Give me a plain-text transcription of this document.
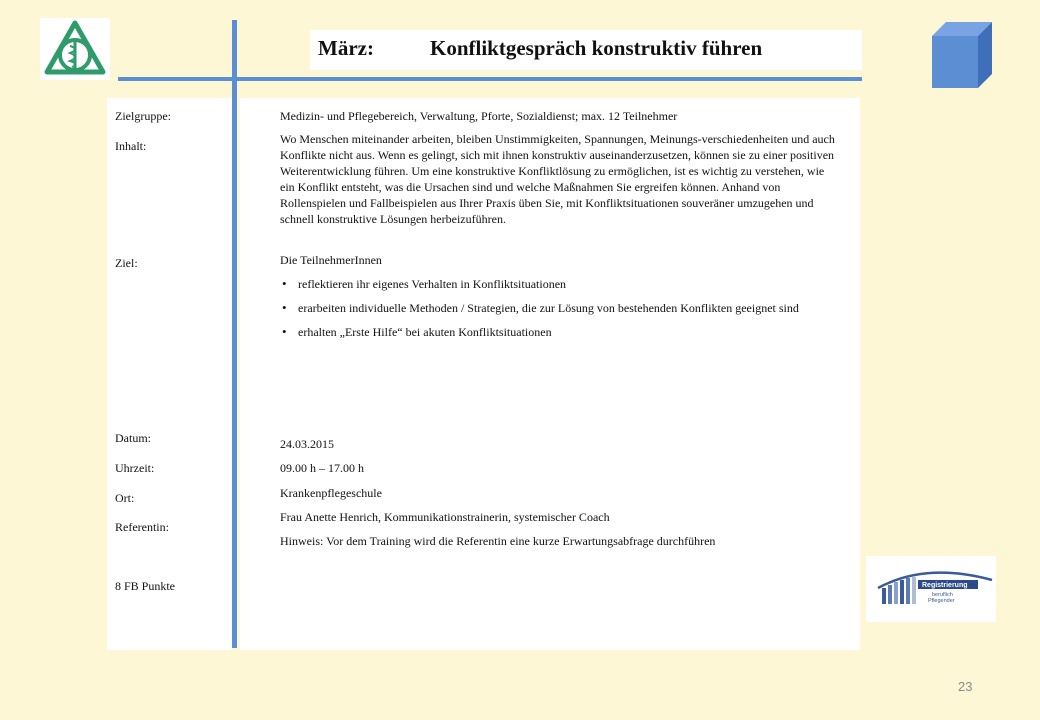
März:	Konfliktgespräch konstruktiv führen
Zielgruppe:
Inhalt:
Ziel:
Datum:
Uhrzeit:
Ort:
Referentin:
8 FB Punkte
Medizin- und Pflegebereich, Verwaltung, Pforte, Sozialdienst; max. 12 Teilnehmer
Wo Menschen miteinander arbeiten, bleiben Unstimmigkeiten, Spannungen, Meinungs-verschiedenheiten und auch Konflikte nicht aus. Wenn es gelingt, sich mit ihnen konstruktiv auseinanderzusetzen, können sie zu einer positiven Weiterentwicklung führen. Um eine konstruktive Konfliktlösung zu ermöglichen, ist es wichtig zu verstehen, wie ein Konflikt entsteht, was die Ursachen sind und welche Maßnahmen Sie ergreifen können. Anhand von Rollenspielen und Fallbeispielen aus Ihrer Praxis üben Sie, mit Konfliktsituationen souveräner umzugehen und schnell konstruktive Lösungen herbeizuführen.
Die TeilnehmerInnen
• reflektieren ihr eigenes Verhalten in Konfliktsituationen
• erarbeiten individuelle Methoden / Strategien, die zur Lösung von bestehenden Konflikten geeignet sind
• erhalten „Erste Hilfe“ bei akuten Konfliktsituationen
24.03.2015
09.00 h – 17.00 h
Krankenpflegeschule
Frau Anette Henrich, Kommunikationstrainerin, systemischer Coach
Hinweis: Vor dem Training wird die Referentin eine kurze Erwartungsabfrage durchführen
Registrierung
beruflich
Pflegender
23
